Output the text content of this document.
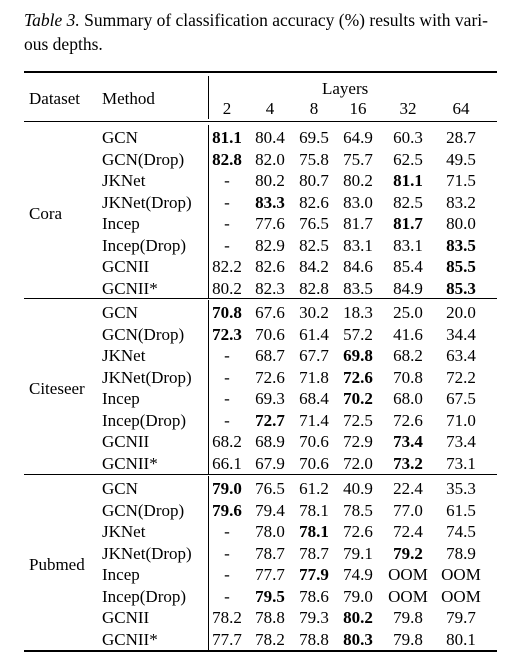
Table 3. Summary of classification accuracy (%) results with vari-ous depths.
Dataset Method
Layers
2	4	8	16	32	64
Cora
GCN	81.1 80.4 69.5 64.9	60.3	28.7
GCN(Drop)	82.8 82.0 75.8 75.7	62.5	49.5
JKNet	-	80.2 80.7 80.2	81.1	71.5
JKNet(Drop)	-	83.3 82.6 83.0	82.5	83.2
Incep	-	77.6 76.5 81.7	81.7	80.0
Incep(Drop)	-	82.9 82.5 83.1	83.1	83.5
GCNII	82.2 82.6 84.2 84.6	85.4	85.5
GCNII*	80.2 82.3 82.8 83.5	84.9	85.3
Citeseer
GCN	70.8 67.6 30.2 18.3	25.0	20.0
GCN(Drop)	72.3 70.6 61.4 57.2	41.6	34.4
JKNet	-	68.7 67.7 69.8	68.2	63.4
JKNet(Drop)	-	72.6 71.8 72.6	70.8	72.2
Incep	-	69.3 68.4 70.2	68.0	67.5
Incep(Drop)	-	72.7 71.4 72.5	72.6	71.0
GCNII	68.2 68.9 70.6 72.9	73.4	73.4
GCNII*	66.1 67.9 70.6 72.0	73.2	73.1
Pubmed
GCN	79.0 76.5 61.2 40.9	22.4	35.3
GCN(Drop)	79.6 79.4 78.1 78.5	77.0	61.5
JKNet	-	78.0 78.1 72.6	72.4	74.5
JKNet(Drop)	-	78.7 78.7 79.1	79.2	78.9
Incep	-	77.7 77.9 74.9 OOM OOM
Incep(Drop)	-	79.5 78.6 79.0 OOM OOM
GCNII	78.2 78.8 79.3 80.2	79.8	79.7
GCNII*	77.7 78.2 78.8 80.3	79.8	80.1
